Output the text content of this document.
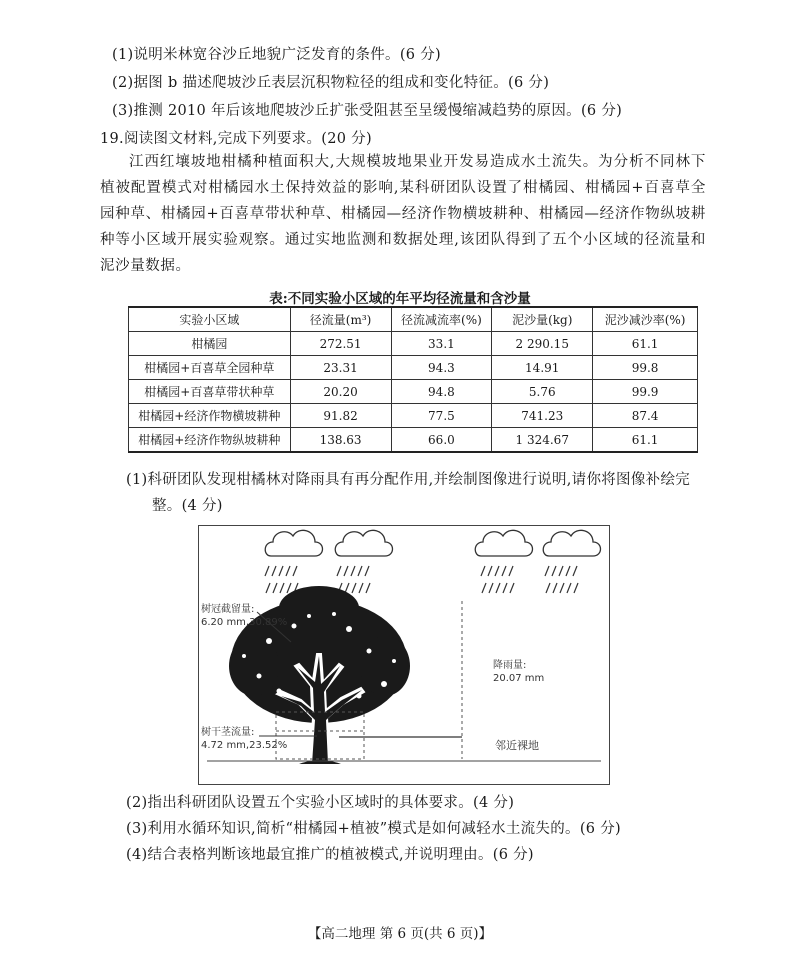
(1)说明米林宽谷沙丘地貌广泛发育的条件。(6 分)
(2)据图 b 描述爬坡沙丘表层沉积物粒径的组成和变化特征。(6 分)
(3)推测 2010 年后该地爬坡沙丘扩张受阻甚至呈缓慢缩减趋势的原因。(6 分)
19.阅读图文材料,完成下列要求。(20 分)
江西红壤坡地柑橘种植面积大,大规模坡地果业开发易造成水土流失。为分析不同林下植被配置模式对柑橘园水土保持效益的影响,某科研团队设置了柑橘园、柑橘园+百喜草全园种草、柑橘园+百喜草带状种草、柑橘园—经济作物横坡耕种、柑橘园—经济作物纵坡耕种等小区域开展实验观察。通过实地监测和数据处理,该团队得到了五个小区域的径流量和泥沙量数据。
表:不同实验小区域的年平均径流量和含沙量
实验小区域	径流量(m³)	径流减流率(%)	泥沙量(kg)	泥沙减沙率(%)
柑橘园	272.51	33.1	2 290.15	61.1
柑橘园+百喜草全园种草	23.31	94.3	14.91	99.8
柑橘园+百喜草带状种草	20.20	94.8	5.76	99.9
柑橘园+经济作物横坡耕种	91.82	77.5	741.23	87.4
柑橘园+经济作物纵坡耕种	138.63	66.0	1 324.67	61.1
(1)科研团队发现柑橘林对降雨具有再分配作用,并绘制图像进行说明,请你将图像补绘完
整。(4 分)
树冠截留量:
6.20 mm,30.89%
降雨量:
20.07 mm
树干茎流量:
4.72 mm,23.52%	邻近裸地
(2)指出科研团队设置五个实验小区域时的具体要求。(4 分)
(3)利用水循环知识,简析“柑橘园+植被”模式是如何减轻水土流失的。(6 分)
(4)结合表格判断该地最宜推广的植被模式,并说明理由。(6 分)
【高二地理 第 6 页(共 6 页)】
